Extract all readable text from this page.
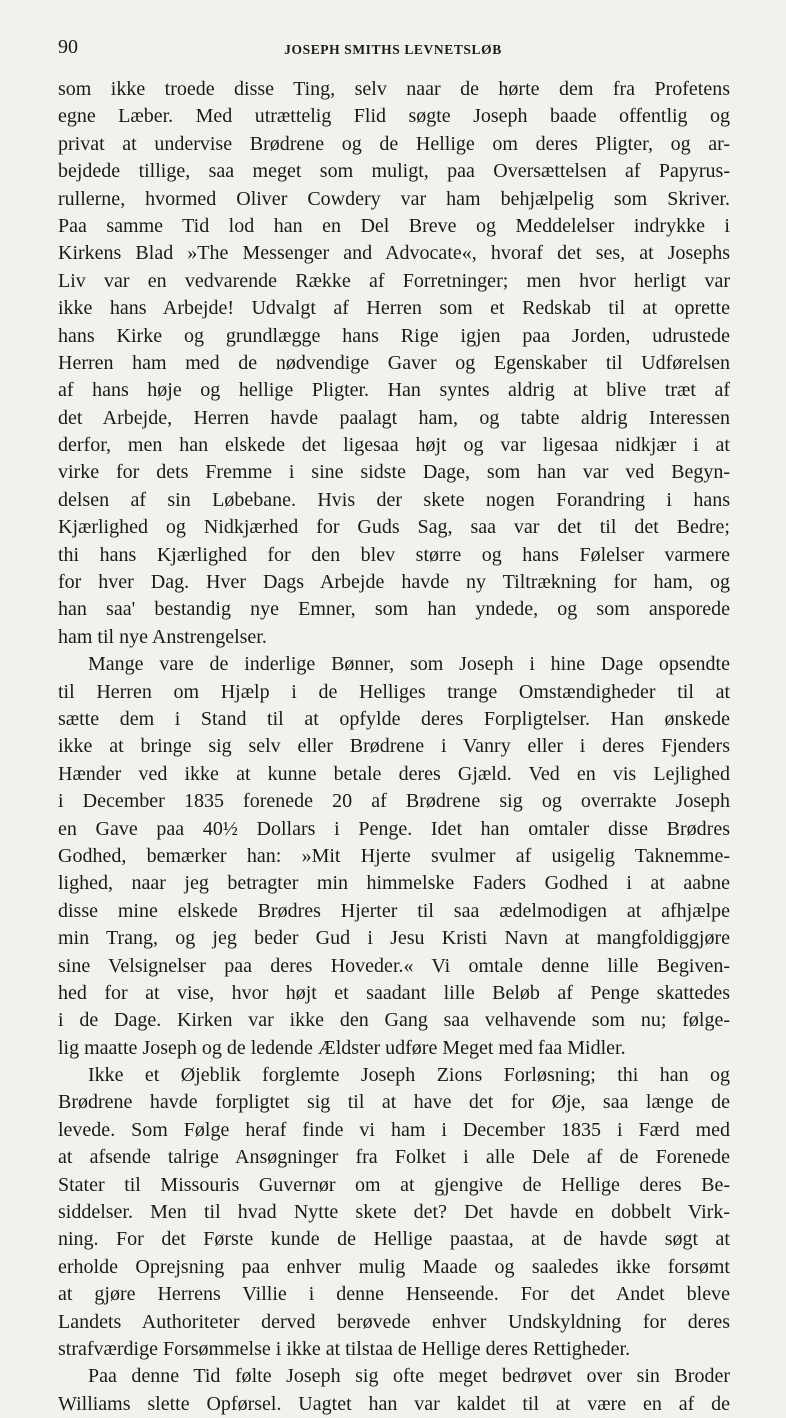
90	JOSEPH SMITHS LEVNETSLØB
som ikke troede disse Ting, selv naar de hørte dem fra Profetens
egne Læber. Med utrættelig Flid søgte Joseph baade offentlig og
privat at undervise Brødrene og de Hellige om deres Pligter, og ar-
bejdede tillige, saa meget som muligt, paa Oversættelsen af Papyrus-
rullerne, hvormed Oliver Cowdery var ham behjælpelig som Skriver.
Paa samme Tid lod han en Del Breve og Meddelelser indrykke i
Kirkens Blad »The Messenger and Advocate«, hvoraf det ses, at Josephs
Liv var en vedvarende Række af Forretninger; men hvor herligt var
ikke hans Arbejde! Udvalgt af Herren som et Redskab til at oprette
hans Kirke og grundlægge hans Rige igjen paa Jorden, udrustede
Herren ham med de nødvendige Gaver og Egenskaber til Udførelsen
af hans høje og hellige Pligter. Han syntes aldrig at blive træt af
det Arbejde, Herren havde paalagt ham, og tabte aldrig Interessen
derfor, men han elskede det ligesaa højt og var ligesaa nidkjær i at
virke for dets Fremme i sine sidste Dage, som han var ved Begyn-
delsen af sin Løbebane. Hvis der skete nogen Forandring i hans
Kjærlighed og Nidkjærhed for Guds Sag, saa var det til det Bedre;
thi hans Kjærlighed for den blev større og hans Følelser varmere
for hver Dag. Hver Dags Arbejde havde ny Tiltrækning for ham, og
han saa' bestandig nye Emner, som han yndede, og som ansporede
ham til nye Anstrengelser.
Mange vare de inderlige Bønner, som Joseph i hine Dage opsendte
til Herren om Hjælp i de Helliges trange Omstændigheder til at
sætte dem i Stand til at opfylde deres Forpligtelser. Han ønskede
ikke at bringe sig selv eller Brødrene i Vanry eller i deres Fjenders
Hænder ved ikke at kunne betale deres Gjæld. Ved en vis Lejlighed
i December 1835 forenede 20 af Brødrene sig og overrakte Joseph
en Gave paa 40½ Dollars i Penge. Idet han omtaler disse Brødres
Godhed, bemærker han: »Mit Hjerte svulmer af usigelig Taknemme-
lighed, naar jeg betragter min himmelske Faders Godhed i at aabne
disse mine elskede Brødres Hjerter til saa ædelmodigen at afhjælpe
min Trang, og jeg beder Gud i Jesu Kristi Navn at mangfoldiggjøre
sine Velsignelser paa deres Hoveder.« Vi omtale denne lille Begiven-
hed for at vise, hvor højt et saadant lille Beløb af Penge skattedes
i de Dage. Kirken var ikke den Gang saa velhavende som nu; følge-
lig maatte Joseph og de ledende Ældster udføre Meget med faa Midler.
Ikke et Øjeblik forglemte Joseph Zions Forløsning; thi han og
Brødrene havde forpligtet sig til at have det for Øje, saa længe de
levede. Som Følge heraf finde vi ham i December 1835 i Færd med
at afsende talrige Ansøgninger fra Folket i alle Dele af de Forenede
Stater til Missouris Guvernør om at gjengive de Hellige deres Be-
siddelser. Men til hvad Nytte skete det? Det havde en dobbelt Virk-
ning. For det Første kunde de Hellige paastaa, at de havde søgt at
erholde Oprejsning paa enhver mulig Maade og saaledes ikke forsømt
at gjøre Herrens Villie i denne Henseende. For det Andet bleve
Landets Authoriteter derved berøvede enhver Undskyldning for deres
strafværdige Forsømmelse i ikke at tilstaa de Hellige deres Rettigheder.
Paa denne Tid følte Joseph sig ofte meget bedrøvet over sin Broder
Williams slette Opførsel. Uagtet han var kaldet til at være en af de
